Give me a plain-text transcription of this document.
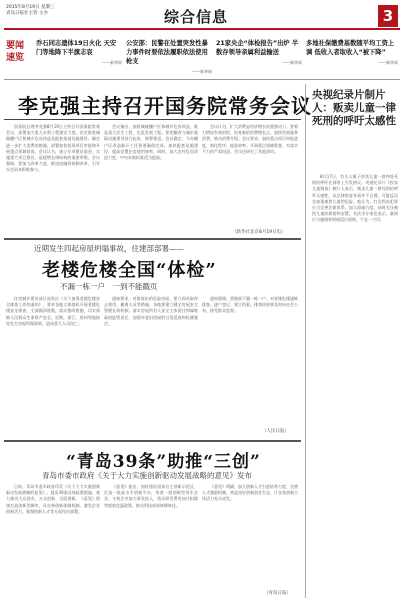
2015年8月19日 星期三
青岛日报社主管 主办	综合信息	3
要闻
速览
乔石同志遗体19日火化 天安门等地降下半旗志哀
——新华网
公安部：民警在处置突发性暴力事件时要依法履职依法使用枪支
——新华网
21家央企“体检报告”出炉 半数存领导亲属利益输送
——新华网
多地社保缴费基数随平均工资上调 低收入者取收入“被下降”
——新华网
李克强主持召开国务院常务会议

国务院总理李克强8月19日主持召开国务院常务会议，部署加大重大水利工程建设力度，决定推进城镇棚户区和城乡危房改造及配套基础设施建设，确定进一步扩大消费的措施，部署加快投资项目审批和开展重点领域督查。会议认为，建立专项建设基金，实施重大项目建设，是稳增长调结构的重要举措。会议强调，要加大改革力度，推进投融资体制改革，引导社会资本积极参与。

会议指出，加快城镇棚户区和城乡危房改造，既是重大民生工程，也是发展工程。要把棚改与城市基础设施建设结合起来，统筹推进。会议确定，今年棚户区改造新开工任务要确保完成，加快配套设施建设，提高安置住房使用效率。同时，加大农村危房改造力度，中央补助标准适当提高。

会议认为，扩大消费是经济增长的重要动力。要着力增加有效供给，培育新的消费增长点，加快发展服务消费，推动消费升级。会议要求，加快重点项目审批进度，简化程序，提高效率。开展重点领域督查，对落实不力的严肃问责。会议还研究了其他事项。

（新华社北京8月19日电）
近期发生四起房屋坍塌事故，住建部部署——
老楼危楼全国“体检”
不漏一栋一户　一到不能戳页

住房城乡建设部日前发出《关于加强老楼危楼安全排查工作的通知》，要求各地立即组织开展老楼危楼安全排查，全面摸清底数，落实整改措施，切实保障人民群众生命财产安全。近期，浙江、贵州等地接连发生房屋坍塌事故，造成重大人员伤亡。

通知要求，对排查出的危险房屋，要立即采取停止使用、撤离人员等措施。各地要建立健全房屋安全管理长效机制，落实房屋所有人安全主体责任和属地政府监管责任，加强对老旧房屋的日常巡查和检测鉴定。

通知强调，要做到不漏一栋一户，对老楼危楼逐栋排查、逐户登记、建立档案。排查结果要及时向社会公布，接受群众监督。

（人民日报）
“青岛39条”助推“三创”
青岛市委市政府《关于大力实施创新驱动发展战略的意见》发布

日前，青岛市委市政府印发《关于大力实施创新驱动发展战略的意见》，提出39条具体政策措施，着力推动大众创业、万众创新、全面创新。《意见》围绕打造创新型城市，从完善创新体制机制、激发企业创新活力、集聚创新人才等方面作出部署。

《意见》提出，加快建设国家自主创新示范区，打造一批高水平创新平台，培育一批创新型领军企业。支持企业加大研发投入，落实研发费用加计扣除等税收优惠政策，推动科技成果转移转化。

《意见》明确，加大创新人才引进培养力度，完善人才激励机制，营造良好创新创业生态，让各类创新主体活力充分迸发。

（青岛日报）
央视纪录片制片人：贩卖儿童一律死刑的呼吁太感性

8月17日，有关人贩子拐卖儿童一律判处死刑的呼吁在网络上引发热议。央视纪录片《拐卖儿童调查》制片人表示，贩卖儿童一律死刑的呼吁太感性，从法律角度来看并不合理，可能反而会加重被拐儿童的危险。他认为，打击拐卖犯罪应当完善法律体系、加大侦破力度，同时关注被拐儿童的救助和安置。有法学专家也表示，量刑应当遵循罪刑相适应原则，不宜一刀切。
